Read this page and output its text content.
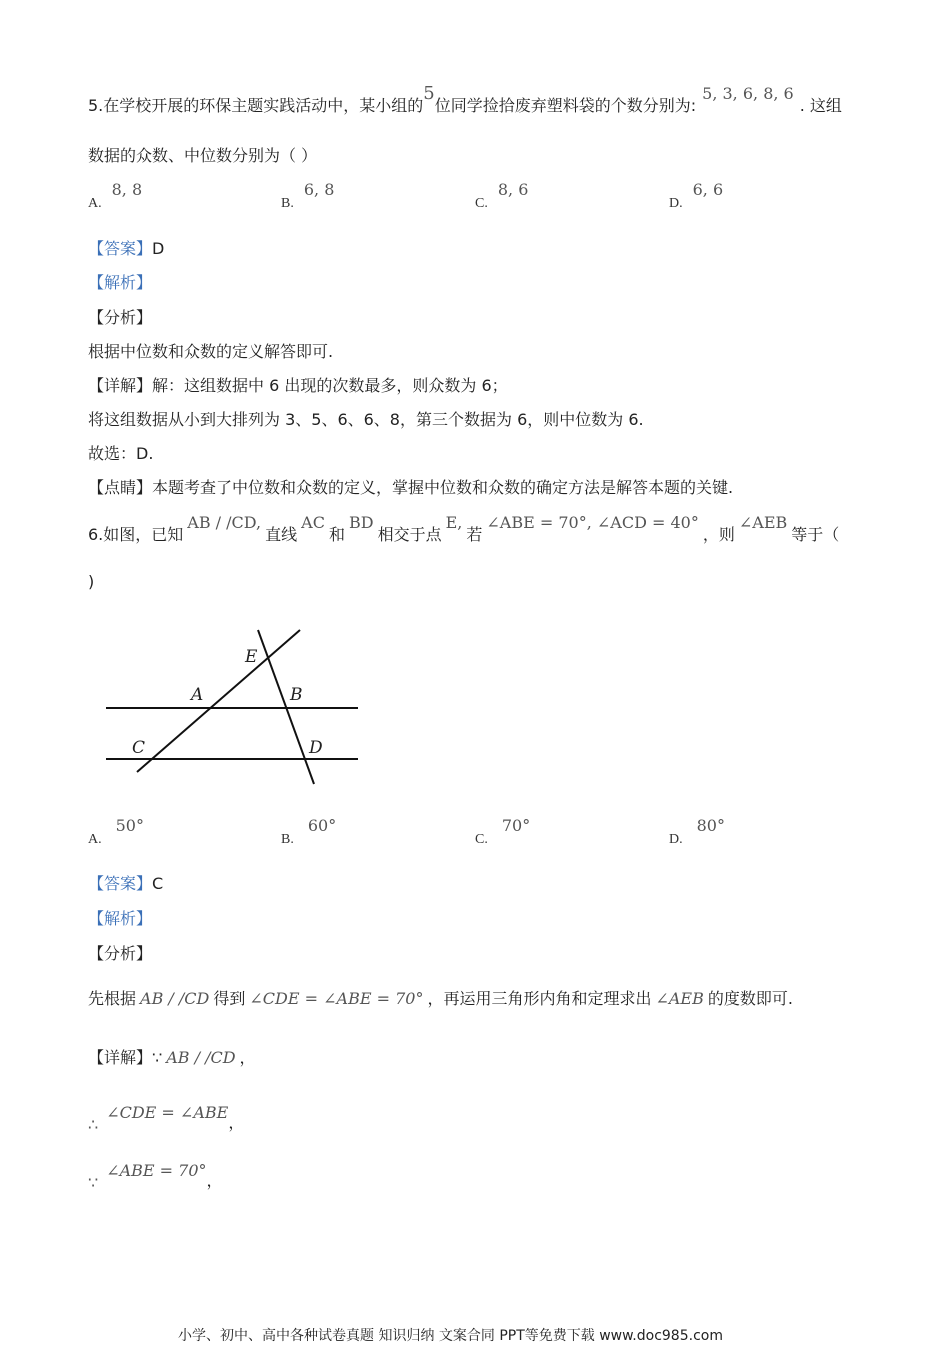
5.在学校开展的环保主题实践活动中，某小组的5位同学捡拾废弃塑料袋的个数分别为:5, 3, 6, 8, 6. 这组
数据的众数、中位数分别为（ ）
A.8, 8
B.6, 8
C.8, 6
D.6, 6
【答案】D
【解析】
【分析】
根据中位数和众数的定义解答即可.
【详解】解：这组数据中 6 出现的次数最多，则众数为 6；
将这组数据从小到大排列为 3、5、6、6、8，第三个数据为 6，则中位数为 6.
故选：D.
【点睛】本题考查了中位数和众数的定义，掌握中位数和众数的确定方法是解答本题的关键.
6.如图，已知AB / /CD,直线AC和BD相交于点E,若∠ABE = 70°, ∠ACD = 40°，则∠AEB等于（
)
E
A	B
C	D
A.50°
B.60°
C.70°
D.80°
【答案】C
【解析】
【分析】
先根据 AB / /CD 得到 ∠CDE = ∠ABE = 70° ，再运用三角形内角和定理求出 ∠AEB 的度数即可.
【详解】∵ AB / /CD ，
∴∠CDE = ∠ABE，
∵∠ABE = 70°，
小学、初中、高中各种试卷真题 知识归纳 文案合同 PPT等免费下载 www.doc985.com
